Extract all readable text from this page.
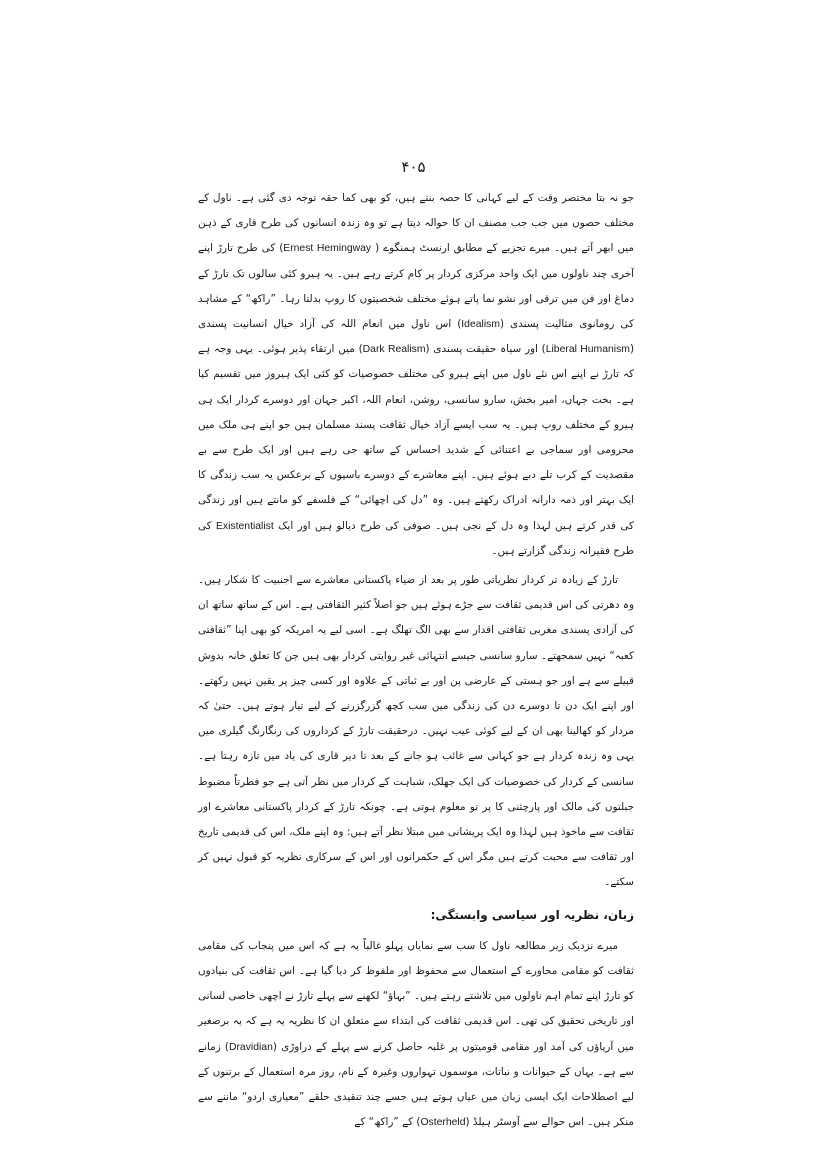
۴۰۵

جو نہ بتا مختصر وقت کے لیے کہانی کا حصہ بنتے ہیں، کو بھی کما حقہ توجہ دی گئی ہے۔ ناول کے مختلف حصوں میں جب جب مصنف ان کا حوالہ دیتا ہے تو وہ زندہ انسانوں کی طرح قاری کے ذہن میں ابھر آتے ہیں۔ میرے تجزیے کے مطابق ارنسٹ ہمنگوے ( Ernest Hemingway) کی طرح تارڑ اپنے آخری چند ناولوں میں ایک واحد مرکزی کردار پر کام کرتے رہے ہیں۔ یہ ہیرو کئی سالوں تک تارڑ کے دماغ اور فن میں ترقی اور نشو نما پاتے ہوئے مختلف شخصیتوں کا روپ بدلتا رہا۔ ”راکھ“ کے مشاہد کی رومانوی مثالیت پسندی (Idealism) اس ناول میں انعام اللہ کی آزاد خیال انسانیت پسندی (Liberal Humanism) اور سیاہ حقیقت پسندی (Dark Realism) میں ارتقاء پذیر ہوئی۔ یہی وجہ ہے کہ تارڑ نے اپنے اس نئے ناول میں اپنے ہیرو کی مختلف خصوصیات کو کئی ایک ہیروز میں تقسیم کیا ہے۔ بخت جہاں، امیر بخش، سارو سانسی، روشن، انعام اللہ، اکبر جہان اور دوسرے کردار ایک ہی ہیرو کے مختلف روپ ہیں۔ یہ سب ایسے آزاد خیال ثقافت پسند مسلمان ہیں جو اپنے ہی ملک میں محرومی اور سماجی بے اعتنائی کے شدید احساس کے ساتھ جی رہے ہیں اور ایک طرح سے بے مقصدیت کے کرب تلے دبے ہوئے ہیں۔ اپنے معاشرے کے دوسرے باسیوں کے برعکس یہ سب زندگی کا ایک بہتر اور ذمہ دارانہ ادراک رکھتے ہیں۔ وہ ”دل کی اچھائی“ کے فلسفے کو مانتے ہیں اور زندگی کی قدر کرتے ہیں لہذا وہ دل کے نجی ہیں۔ صوفی کی طرح دیالو ہیں اور ایک Existentialist کی طرح فقیرانہ زندگی گزارتے ہیں۔

تارڑ کے زیادہ تر کردار نظریاتی طور پر بعد از ضیاء پاکستانی معاشرے سے اجنبیت کا شکار ہیں۔ وہ دھرتی کی اس قدیمی ثقافت سے جڑے ہوئے ہیں جو اصلاً کثیر الثقافتی ہے۔ اس کے ساتھ ساتھ ان کی آزادی پسندی مغربی ثقافتی اقدار سے بھی الگ تھلگ ہے۔ اسی لیے یہ امریکہ کو بھی اپنا ”ثقافتی کعبہ“ نہیں سمجھتے۔ سارو سانسی جیسے انتہائی غیر روایتی کردار بھی ہیں جن کا تعلق خانہ بدوش قبیلے سے ہے اور جو ہستی کے عارضی پن اور بے ثباتی کے علاوہ اور کسی چیز پر یقین نہیں رکھتے۔ اور اپنے ایک دن تا دوسرے دن کی زندگی میں سب کچھ گزرگزرنے کے لیے تیار ہوتے ہیں۔ حتیٰ کہ مردار کو کھالینا بھی ان کے لیے کوئی عیب نہیں۔ درحقیقت تارڑ کے کرداروں کی رنگارنگ گیلری میں یہی وہ زندہ کردار ہے جو کہانی سے غائب ہو جانے کے بعد تا دیر قاری کی یاد میں تازہ رہتا ہے۔ سانسی کے کردار کی خصوصیات کی ایک جھلک، شباہت کے کردار میں نظر آتی ہے جو فطرتاً مضبوط جبلتوں کی مالک اور پارچثنی کا پر تو معلوم ہوتی ہے۔ چونکہ تارڑ کے کردار پاکستانی معاشرے اور ثقافت سے ماخوذ ہیں لہذا وہ ایک پریشانی میں مبتلا نظر آتے ہیں: وہ اپنے ملک، اس کی قدیمی تاریخ اور ثقافت سے محبت کرتے ہیں مگر اس کے حکمرانوں اور اس کے سرکاری نظریہ کو قبول نہیں کر سکتے۔

زبان، نظریہ اور سیاسی وابستگی:

میرے نزدیک زیر مطالعہ ناول کا سب سے نمایاں پہلو غالباً یہ ہے کہ اس میں پنجاب کی مقامی ثقافت کو مقامی محاورے کے استعمال سے محفوظ اور ملفوظ کر دیا گیا ہے۔ اس ثقافت کی بنیادوں کو تارڑ اپنے تمام اہم ناولوں میں تلاشتے رہتے ہیں۔ ”بہاؤ“ لکھنے سے پہلے تارڑ نے اچھی خاصی لسانی اور تاریخی تحقیق کی تھی۔ اس قدیمی ثقافت کی ابتداء سے متعلق ان کا نظریہ یہ ہے کہ یہ برصغیر میں آریاؤں کی آمد اور مقامی قومیتوں پر غلبہ حاصل کرنے سے پہلے کے دراوڑی (Dravidian) زمانے سے ہے۔ یہاں کے حیوانات و نباتات، موسموں تہواروں وغیرہ کے نام، روز مرہ استعمال کے برتنوں کے لیے اصطلاحات ایک ایسی زبان میں عیاں ہوتے ہیں جسے چند تنقیدی حلقے ”معیاری اردو“ ماننے سے منکر ہیں۔ اس حوالے سے آوسٹر ہیلڈ (Osterheld) کے ”راکھ“ کے
